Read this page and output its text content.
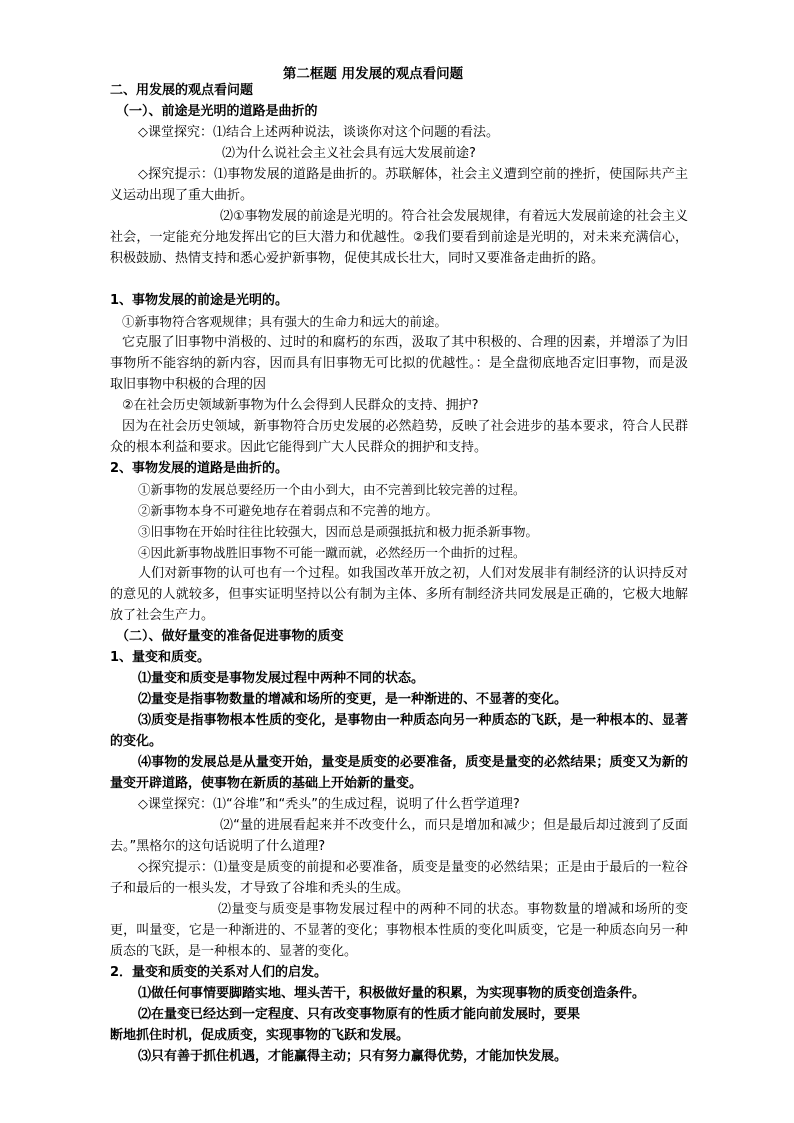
第二框题 用发展的观点看问题
二、用发展的观点看问题
（一）、前途是光明的道路是曲折的
◇课堂探究：⑴结合上述两种说法，谈谈你对这个问题的看法。
⑵为什么说社会主义社会具有远大发展前途?
◇探究提示：⑴事物发展的道路是曲折的。苏联解体，社会主义遭到空前的挫折，使国际共产主义运动出现了重大曲折。
⑵①事物发展的前途是光明的。符合社会发展规律，有着远大发展前途的社会主义社会，一定能充分地发挥出它的巨大潜力和优越性。②我们要看到前途是光明的，对未来充满信心，积极鼓励、热情支持和悉心爱护新事物，促使其成长壮大，同时又要准备走曲折的路。
1、事物发展的前途是光明的。
①新事物符合客观规律；具有强大的生命力和远大的前途。
它克服了旧事物中消极的、过时的和腐朽的东西，汲取了其中积极的、合理的因素，并增添了为旧事物所不能容纳的新内容，因而具有旧事物无可比拟的优越性。：是全盘彻底地否定旧事物，而是汲取旧事物中积极的合理的因
②在社会历史领域新事物为什么会得到人民群众的支持、拥护?
因为在社会历史领域，新事物符合历史发展的必然趋势，反映了社会进步的基本要求，符合人民群众的根本利益和要求。因此它能得到广大人民群众的拥护和支持。
2、事物发展的道路是曲折的。
①新事物的发展总要经历一个由小到大，由不完善到比较完善的过程。
②新事物本身不可避免地存在着弱点和不完善的地方。
③旧事物在开始时往往比较强大，因而总是顽强抵抗和极力扼杀新事物。
④因此新事物战胜旧事物不可能一蹴而就，必然经历一个曲折的过程。
人们对新事物的认可也有一个过程。如我国改革开放之初，人们对发展非有制经济的认识持反对的意见的人就较多，但事实证明坚持以公有制为主体、多所有制经济共同发展是正确的，它极大地解放了社会生产力。
（二）、做好量变的准备促进事物的质变
1、量变和质变。
⑴量变和质变是事物发展过程中两种不同的状态。
⑵量变是指事物数量的增减和场所的变更，是一种渐进的、不显著的变化。
⑶质变是指事物根本性质的变化，是事物由一种质态向另一种质态的飞跃，是一种根本的、显著的变化。
⑷事物的发展总是从量变开始，量变是质变的必要准备，质变是量变的必然结果；质变又为新的量变开辟道路，使事物在新质的基础上开始新的量变。
◇课堂探究：⑴“谷堆”和“秃头”的生成过程，说明了什么哲学道理?
⑵“量的进展看起来并不改变什么，而只是增加和减少；但是最后却过渡到了反面去。”黑格尔的这句话说明了什么道理?
◇探究提示：⑴量变是质变的前提和必要准备，质变是量变的必然结果；正是由于最后的一粒谷子和最后的一根头发，才导致了谷堆和秃头的生成。
⑵量变与质变是事物发展过程中的两种不同的状态。事物数量的增减和场所的变更，叫量变，它是一种渐进的、不显著的变化；事物根本性质的变化叫质变，它是一种质态向另一种质态的飞跃，是一种根本的、显著的变化。
2．量变和质变的关系对人们的启发。
⑴做任何事情要脚踏实地、埋头苦干，积极做好量的积累，为实现事物的质变创造条件。
⑵在量变已经达到一定程度、只有改变事物原有的性质才能向前发展时，要果
断地抓住时机，促成质变，实现事物的飞跃和发展。
⑶只有善于抓住机遇，才能赢得主动；只有努力赢得优势，才能加快发展。
